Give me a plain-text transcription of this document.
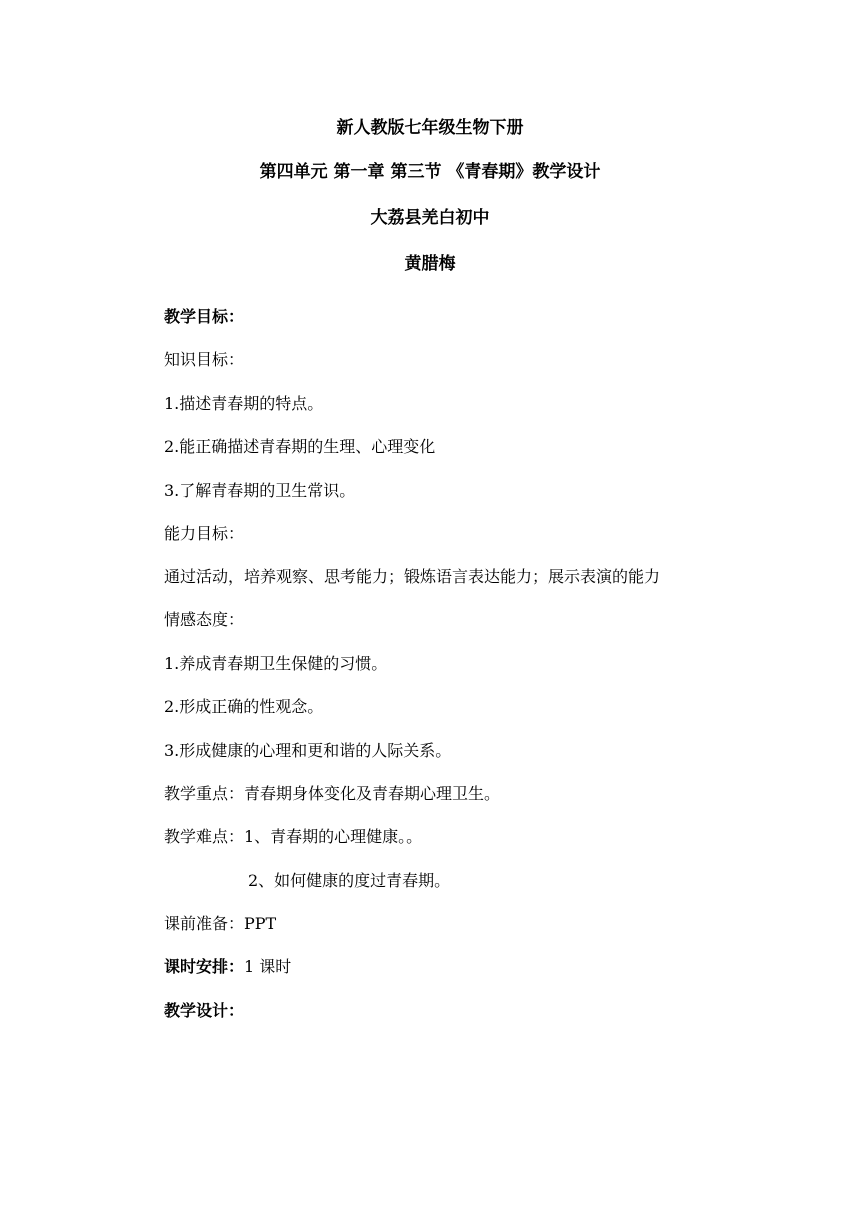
新人教版七年级生物下册
第四单元 第一章 第三节 《青春期》教学设计
大荔县羌白初中
黄腊梅
教学目标：
知识目标：
1.描述青春期的特点。
2.能正确描述青春期的生理、心理变化
3.了解青春期的卫生常识。
能力目标：
通过活动，培养观察、思考能力；锻炼语言表达能力；展示表演的能力
情感态度：
1.养成青春期卫生保健的习惯。
2.形成正确的性观念。
3.形成健康的心理和更和谐的人际关系。
教学重点：青春期身体变化及青春期心理卫生。
教学难点：1、青春期的心理健康。。
2、如何健康的度过青春期。
课前准备：PPT
课时安排：1 课时
教学设计：
